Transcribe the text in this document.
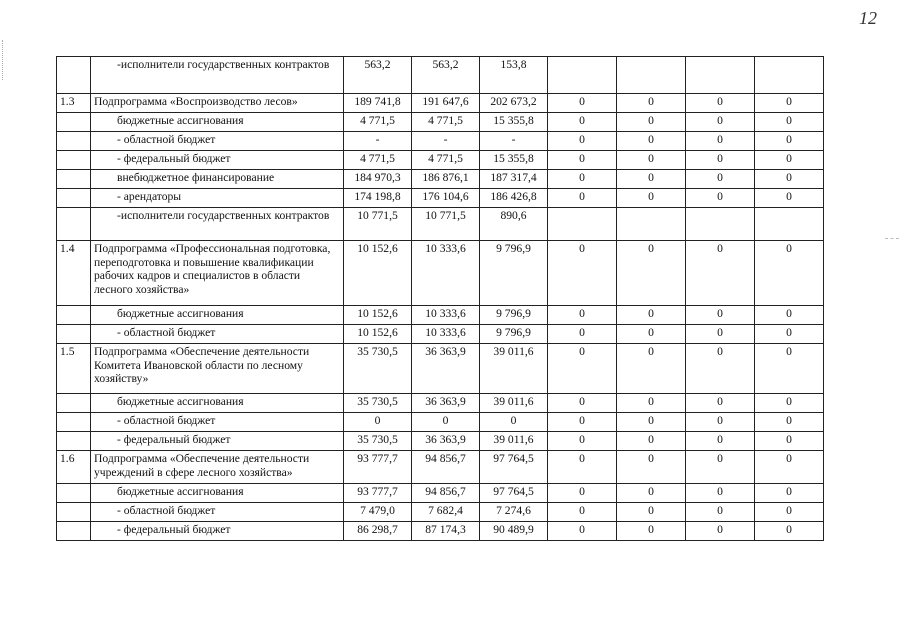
12
	-исполнители государственных контрактов	563,2	563,2	153,8				
1.3	Подпрограмма «Воспроизводство лесов»	189 741,8	191 647,6	202 673,2	0	0	0	0
	бюджетные ассигнования	4 771,5	4 771,5	15 355,8	0	0	0	0
	- областной бюджет	-	-	-	0	0	0	0
	- федеральный бюджет	4 771,5	4 771,5	15 355,8	0	0	0	0
	внебюджетное финансирование	184 970,3	186 876,1	187 317,4	0	0	0	0
	- арендаторы	174 198,8	176 104,6	186 426,8	0	0	0	0
	-исполнители государственных контрактов	10 771,5	10 771,5	890,6				
1.4	Подпрограмма «Профессиональная подготовка, переподготовка и повышение квалификации рабочих кадров и специалистов в области лесного хозяйства»	10 152,6	10 333,6	9 796,9	0	0	0	0
	бюджетные ассигнования	10 152,6	10 333,6	9 796,9	0	0	0	0
	- областной бюджет	10 152,6	10 333,6	9 796,9	0	0	0	0
1.5	Подпрограмма «Обеспечение деятельности Комитета Ивановской области по лесному хозяйству»	35 730,5	36 363,9	39 011,6	0	0	0	0
	бюджетные ассигнования	35 730,5	36 363,9	39 011,6	0	0	0	0
	- областной бюджет	0	0	0	0	0	0	0
	- федеральный бюджет	35 730,5	36 363,9	39 011,6	0	0	0	0
1.6	Подпрограмма «Обеспечение деятельности учреждений в сфере лесного хозяйства»	93 777,7	94 856,7	97 764,5	0	0	0	0
	бюджетные ассигнования	93 777,7	94 856,7	97 764,5	0	0	0	0
	- областной бюджет	7 479,0	7 682,4	7 274,6	0	0	0	0
	- федеральный бюджет	86 298,7	87 174,3	90 489,9	0	0	0	0
